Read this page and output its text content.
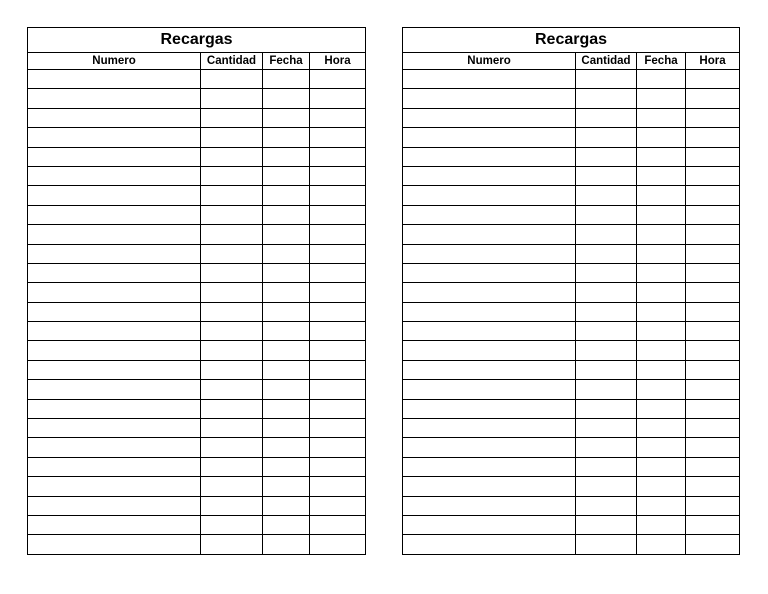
Recargas			
Numero	Cantidad	Fecha	Hora

Recargas			
Numero	Cantidad	Fecha	Hora
